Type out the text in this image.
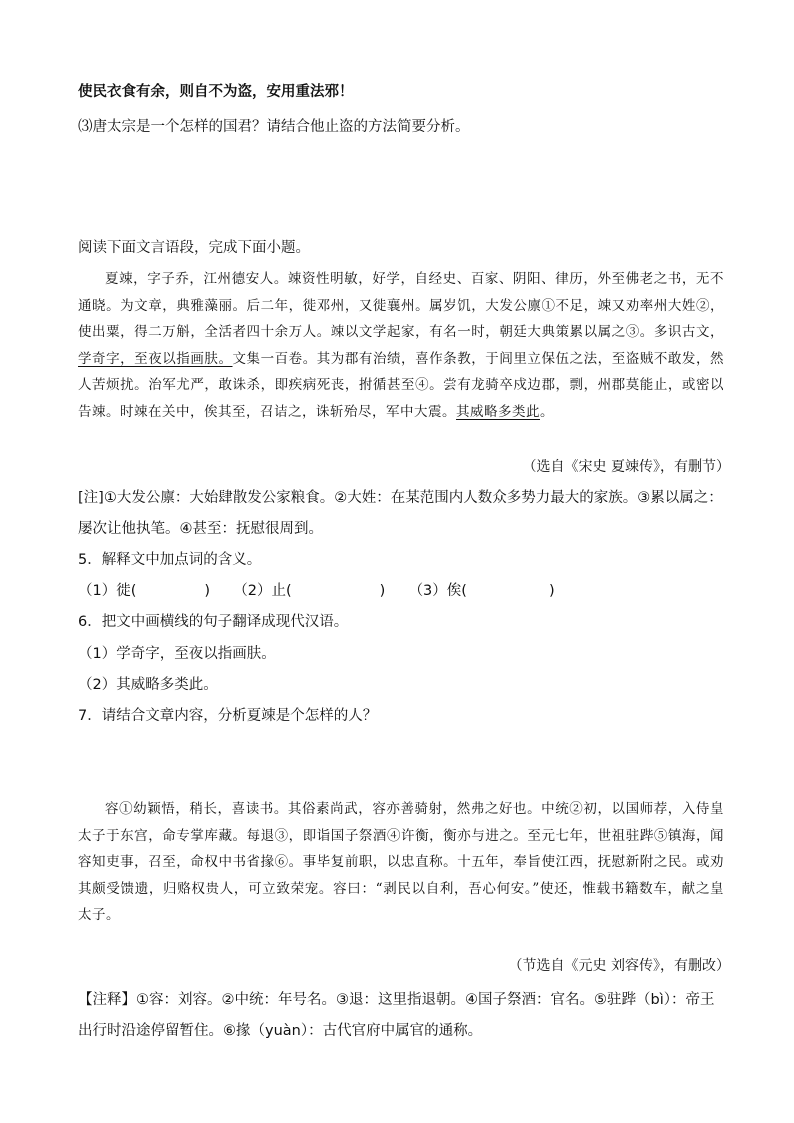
使民衣食有余，则自不为盗，安用重法邪！
⑶唐太宗是一个怎样的国君？请结合他止盗的方法简要分析。
阅读下面文言语段，完成下面小题。

夏竦，字子乔，江州德安人。竦资性明敏，好学，自经史、百家、阴阳、律历，外至佛老之书，无不通晓。为文章，典雅藻丽。后二年，徙邓州，又徙襄州。属岁饥，大发公廪①不足，竦又劝率州大姓②，使出粟，得二万斛，全活者四十余万人。竦以文学起家，有名一时，朝廷大典策累以属之③。多识古文，学奇字，至夜以指画肤。文集一百卷。其为郡有治绩，喜作条教，于闾里立保伍之法，至盗贼不敢发，然人苦烦扰。治军尤严，敢诛杀，即疾病死丧，拊循甚至④。尝有龙骑卒戍边郡，剽，州郡莫能止，或密以告竦。时竦在关中，俟其至，召诘之，诛斩殆尽，军中大震。其威略多类此。

（选自《宋史 夏竦传》，有删节）
[注]①大发公廪：大始肆散发公家粮食。②大姓：在某范围内人数众多势力最大的家族。③累以属之：屡次让他执笔。④甚至：抚慰很周到。
5．解释文中加点词的含义。
（1）徙(	) （2）止(	) （3）俟(	)
6．把文中画横线的句子翻译成现代汉语。
（1）学奇字，至夜以指画肤。
（2）其威略多类此。
7．请结合文章内容，分析夏竦是个怎样的人？

容①幼颖悟，稍长，喜读书。其俗素尚武，容亦善骑射，然弗之好也。中统②初，以国师荐，入侍皇太子于东宫，命专掌库藏。每退③，即诣国子祭酒④许衡，衡亦与进之。至元七年，世祖驻跸⑤镇海，闻容知吏事，召至，命权中书省掾⑥。事毕复前职，以忠直称。十五年，奉旨使江西，抚慰新附之民。或劝其颇受馈遗，归赂权贵人，可立致荣宠。容曰：“剥民以自利，吾心何安。”使还，惟载书籍数车，献之皇太子。

（节选自《元史 刘容传》，有删改）
【注释】①容：刘容。②中统：年号名。③退：这里指退朝。④国子祭酒：官名。⑤驻跸（bì）：帝王出行时沿途停留暂住。⑥掾（yuàn）：古代官府中属官的通称。
